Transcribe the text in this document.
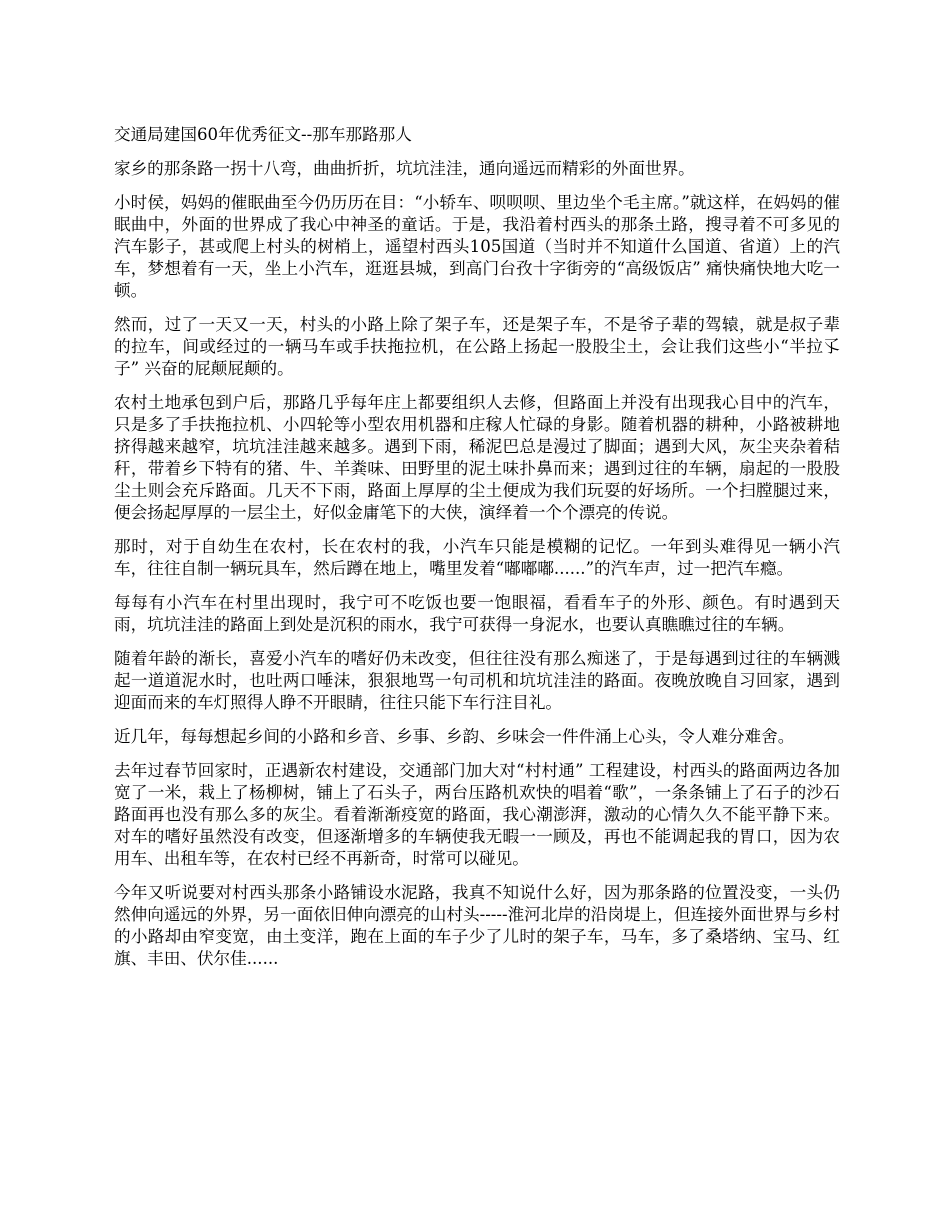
交通局建国60年优秀征文--那车那路那人

家乡的那条路一拐十八弯，曲曲折折，坑坑洼洼，通向遥远而精彩的外面世界。

小时侯，妈妈的催眠曲至今仍历历在目：“小轿车、呗呗呗、里边坐个毛主席。”就这样，在妈妈的催眠曲中，外面的世界成了我心中神圣的童话。于是，我沿着村西头的那条土路，搜寻着不可多见的汽车影子，甚或爬上村头的树梢上，遥望村西头105国道（当时并不知道什么国道、省道）上的汽车，梦想着有一天，坐上小汽车，逛逛县城，到高门台孜十字街旁的“高级饭店” 痛快痛快地大吃一顿。

然而，过了一天又一天，村头的小路上除了架子车，还是架子车，不是爷子辈的驾辕，就是叔子辈的拉车，间或经过的一辆马车或手扶拖拉机，在公路上扬起一股股尘土，会让我们这些小“半拉孓子” 兴奋的屁颠屁颠的。

农村土地承包到户后，那路几乎每年庄上都要组织人去修，但路面上并没有出现我心目中的汽车，只是多了手扶拖拉机、小四轮等小型农用机器和庄稼人忙碌的身影。随着机器的耕种，小路被耕地挤得越来越窄，坑坑洼洼越来越多。遇到下雨，稀泥巴总是漫过了脚面；遇到大风，灰尘夹杂着秸秆，带着乡下特有的猪、牛、羊粪味、田野里的泥土味扑鼻而来；遇到过往的车辆，扇起的一股股尘土则会充斥路面。几天不下雨，路面上厚厚的尘土便成为我们玩耍的好场所。一个扫膛腿过来，便会扬起厚厚的一层尘土，好似金庸笔下的大侠，演绎着一个个漂亮的传说。

那时，对于自幼生在农村，长在农村的我，小汽车只能是模糊的记忆。一年到头难得见一辆小汽车，往往自制一辆玩具车，然后蹲在地上，嘴里发着“嘟嘟嘟......”的汽车声，过一把汽车瘾。

每每有小汽车在村里出现时，我宁可不吃饭也要一饱眼福，看看车子的外形、颜色。有时遇到天雨，坑坑洼洼的路面上到处是沉积的雨水，我宁可获得一身泥水，也要认真瞧瞧过往的车辆。

随着年龄的渐长，喜爱小汽车的嗜好仍未改变，但往往没有那么痴迷了，于是每遇到过往的车辆溅起一道道泥水时，也吐两口唾沫，狠狠地骂一句司机和坑坑洼洼的路面。夜晚放晚自习回家，遇到迎面而来的车灯照得人睁不开眼睛，往往只能下车行注目礼。

近几年，每每想起乡间的小路和乡音、乡事、乡韵、乡味会一件件涌上心头，令人难分难舍。

去年过春节回家时，正遇新农村建设，交通部门加大对“村村通” 工程建设，村西头的路面两边各加宽了一米，栽上了杨柳树，铺上了石头子，两台压路机欢快的唱着“歌”，一条条铺上了石子的沙石路面再也没有那么多的灰尘。看着渐渐疫宽的路面，我心潮澎湃，激动的心情久久不能平静下来。对车的嗜好虽然没有改变，但逐渐增多的车辆使我无暇一一顾及，再也不能调起我的胃口，因为农用车、出租车等，在农村已经不再新奇，时常可以碰见。

今年又听说要对村西头那条小路铺设水泥路，我真不知说什么好，因为那条路的位置没变，一头仍然伸向遥远的外界，另一面依旧伸向漂亮的山村头-----淮河北岸的沿岗堤上，但连接外面世界与乡村的小路却由窄变宽，由土变洋，跑在上面的车子少了儿时的架子车，马车，多了桑塔纳、宝马、红旗、丰田、伏尔佳......
